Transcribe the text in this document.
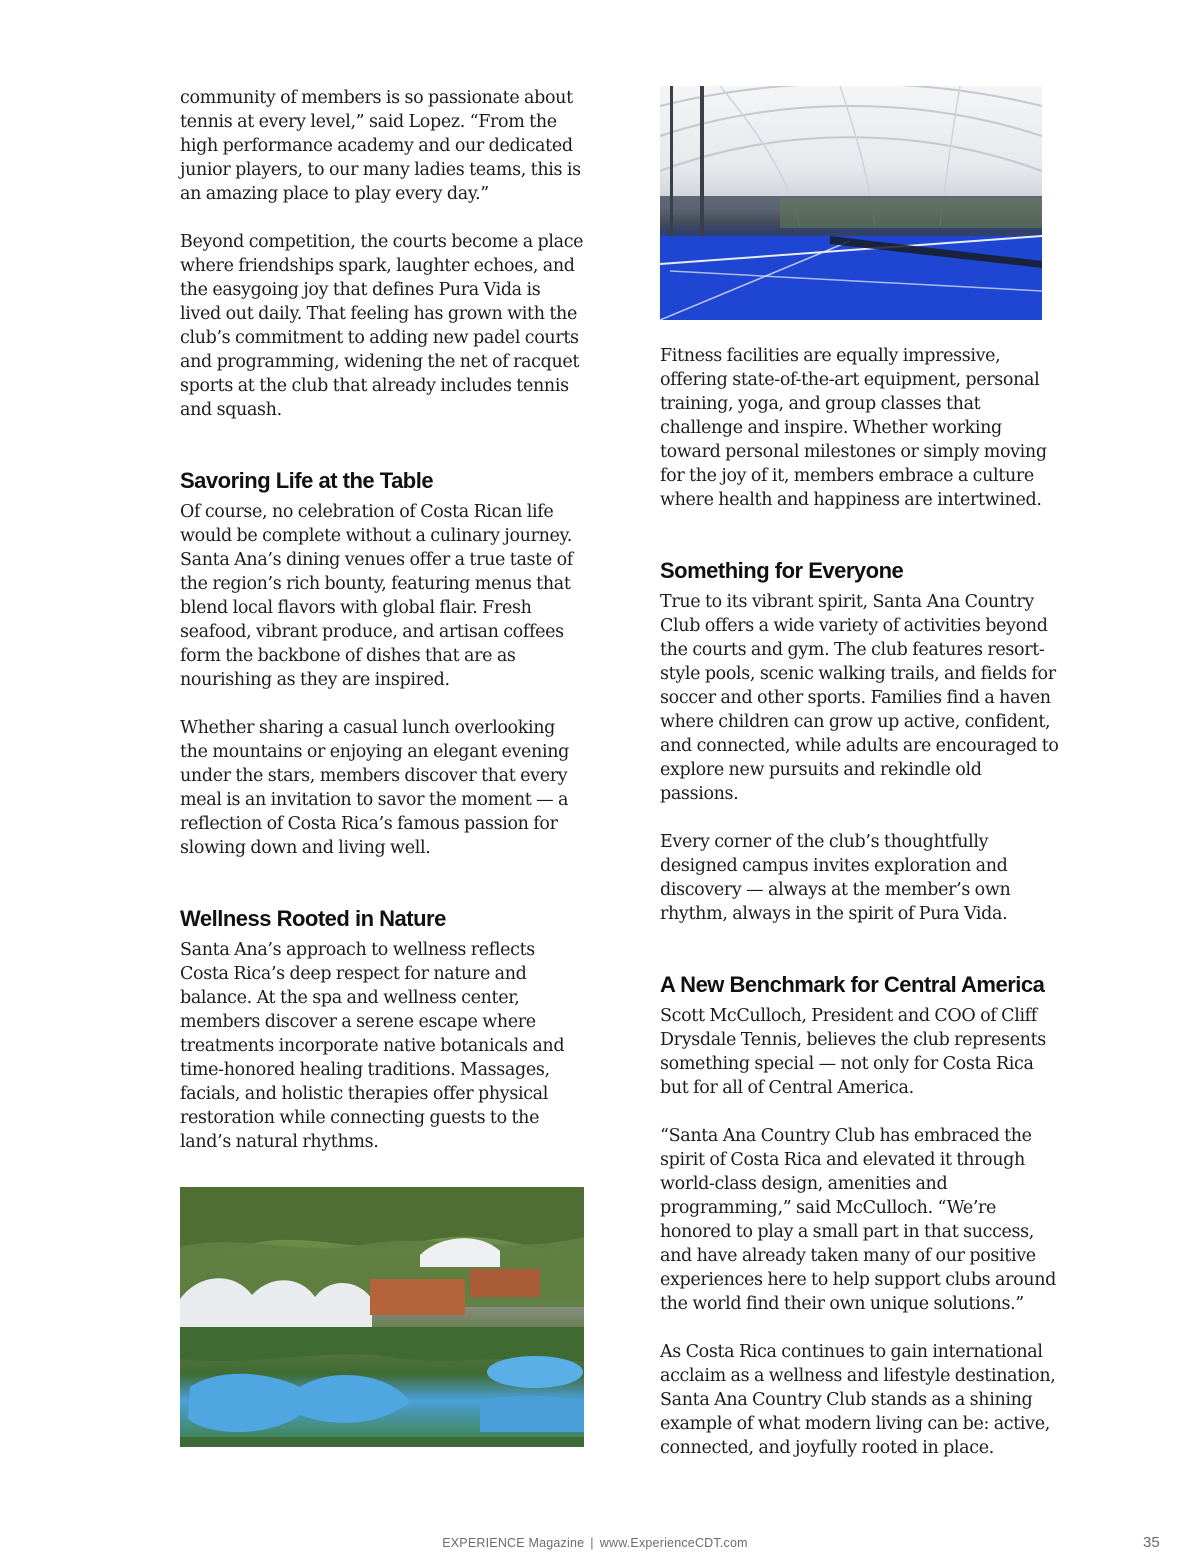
community of members is so passionate about tennis at every level,” said Lopez. “From the high performance academy and our dedicated junior players, to our many ladies teams, this is an amazing place to play every day.”

Beyond competition, the courts become a place where friendships spark, laughter echoes, and the easygoing joy that defines Pura Vida is lived out daily. That feeling has grown with the club’s commitment to adding new padel courts and programming, widening the net of racquet sports at the club that already includes tennis and squash.

Savoring Life at the Table

Of course, no celebration of Costa Rican life would be complete without a culinary journey. Santa Ana’s dining venues offer a true taste of the region’s rich bounty, featuring menus that blend local flavors with global flair. Fresh seafood, vibrant produce, and artisan coffees form the backbone of dishes that are as nourishing as they are inspired.

Whether sharing a casual lunch overlooking the mountains or enjoying an elegant evening under the stars, members discover that every meal is an invitation to savor the moment — a reflection of Costa Rica’s famous passion for slowing down and living well.

Wellness Rooted in Nature

Santa Ana’s approach to wellness reflects Costa Rica’s deep respect for nature and balance. At the spa and wellness center, members discover a serene escape where treatments incorporate native botanicals and time-honored healing traditions. Massages, facials, and holistic therapies offer physical restoration while connecting guests to the land’s natural rhythms.

Fitness facilities are equally impressive, offering state-of-the-art equipment, personal training, yoga, and group classes that challenge and inspire. Whether working toward personal milestones or simply moving for the joy of it, members embrace a culture where health and happiness are intertwined.

Something for Everyone

True to its vibrant spirit, Santa Ana Country Club offers a wide variety of activities beyond the courts and gym. The club features resort-style pools, scenic walking trails, and fields for soccer and other sports. Families find a haven where children can grow up active, confident, and connected, while adults are encouraged to explore new pursuits and rekindle old passions.

Every corner of the club’s thoughtfully designed campus invites exploration and discovery — always at the member’s own rhythm, always in the spirit of Pura Vida.

A New Benchmark for Central America

Scott McCulloch, President and COO of Cliff Drysdale Tennis, believes the club represents something special — not only for Costa Rica but for all of Central America.

“Santa Ana Country Club has embraced the spirit of Costa Rica and elevated it through world-class design, amenities and programming,” said McCulloch. “We’re honored to play a small part in that success, and have already taken many of our positive experiences here to help support clubs around the world find their own unique solutions.”

As Costa Rica continues to gain international acclaim as a wellness and lifestyle destination, Santa Ana Country Club stands as a shining example of what modern living can be: active, connected, and joyfully rooted in place.

EXPERIENCE Magazine | www.ExperienceCDT.com	35
